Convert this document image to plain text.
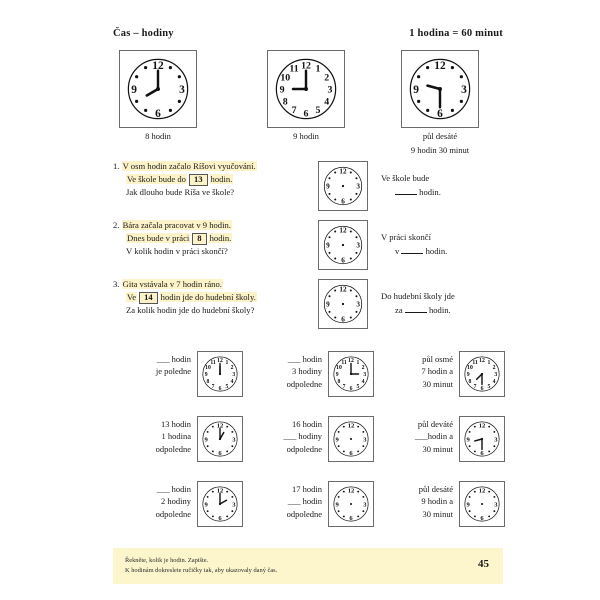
Čas – hodiny	1 hodina = 60 minut
3
6
9
12
8 hodin
1
2
3
4
5
6
7
8
9
10
11 12
9 hodin
3
6
9
12
půl desáté
9 hodin 30 minut
1. V osm hodin začalo Ríšovi vyučování.
Ve škole bude do 13 hodin.
Jak dlouho bude Ríša ve škole?
3
6
9
12
Ve škole bude
hodin.
2. Bára začala pracovat v 9 hodin.
Dnes bude v práci 8 hodin.
V kolik hodin v práci skončí?
3
6
9
12
V práci skončí
v	hodin.
3. Gita vstávala v 7 hodin ráno.
Ve 14 hodin jde do hudební školy.
Za kolik hodin jde do hudební školy?
3
6
9
12
Do hudební školy jde
za	hodin.
___ hodin
je poledne
1
2
3
4
5
6
7
8
9
10
11 12	___ hodin
3 hodiny
odpoledne
1
2
3
4
5
6
7
8
9
10
11 12	půl osmé
7 hodin a
30 minut
1
2
3
4
5
6
7
8
9
10
11 12
13 hodin
1 hodina
odpoledne
3
6
9
12	16 hodin
___ hodiny
odpoledne
3
6
9
12	půl deváté
___hodin a
30 minut
3
6
9
12
___ hodin
2 hodiny
odpoledne
3
6
9
12	17 hodin
___ hodin
odpoledne
3
6
9
12	půl desáté
9 hodin a
30 minut
3
6
9
12
Řekněte, kolik je hodin. Zapište.
K hodinám dokreslete ručičky tak, aby ukazovaly daný čas.
45
